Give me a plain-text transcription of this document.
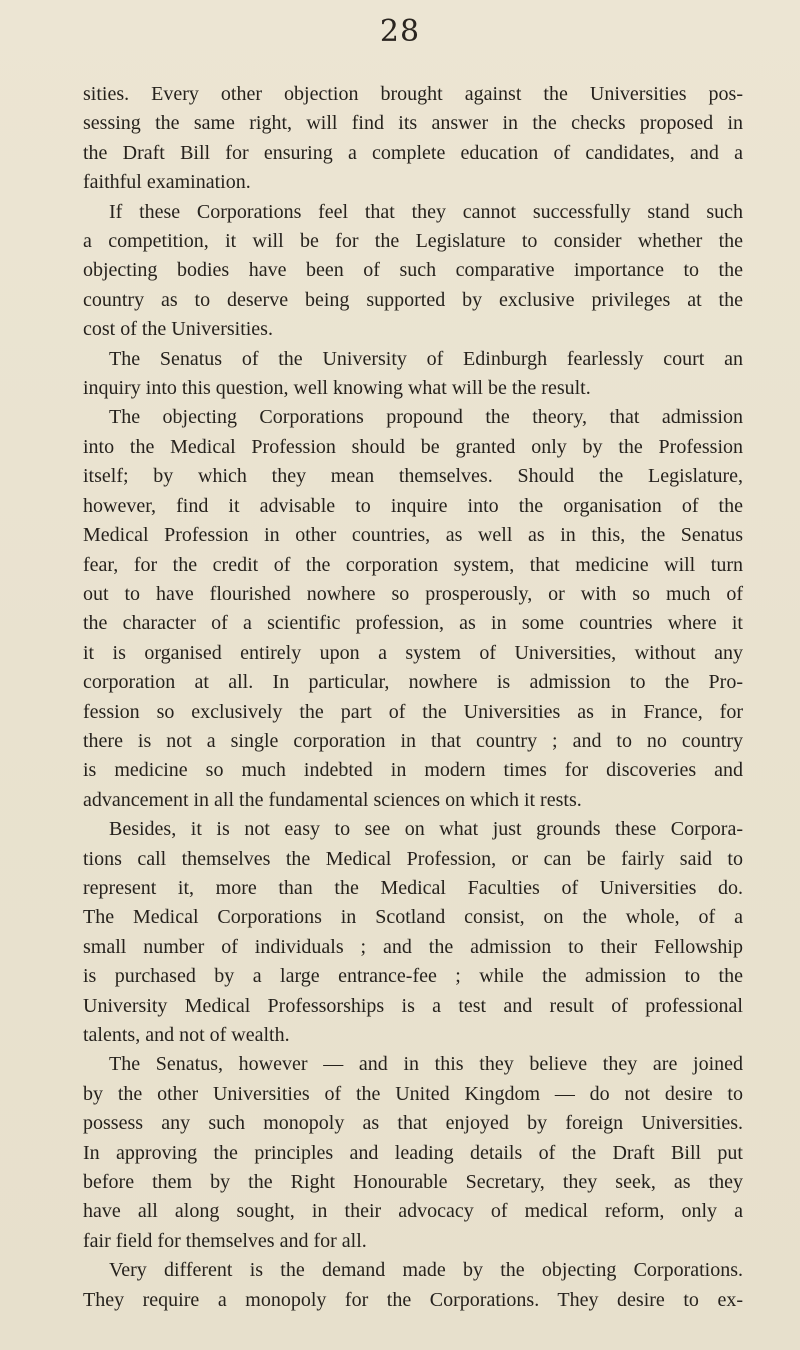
28
sities. Every other objection brought against the Universities pos-
sessing the same right, will find its answer in the checks proposed in
the Draft Bill for ensuring a complete education of candidates, and a
faithful examination.
If these Corporations feel that they cannot successfully stand such
a competition, it will be for the Legislature to consider whether the
objecting bodies have been of such comparative importance to the
country as to deserve being supported by exclusive privileges at the
cost of the Universities.
The Senatus of the University of Edinburgh fearlessly court an
inquiry into this question, well knowing what will be the result.
The objecting Corporations propound the theory, that admission
into the Medical Profession should be granted only by the Profession
itself; by which they mean themselves. Should the Legislature,
however, find it advisable to inquire into the organisation of the
Medical Profession in other countries, as well as in this, the Senatus
fear, for the credit of the corporation system, that medicine will turn
out to have flourished nowhere so prosperously, or with so much of
the character of a scientific profession, as in some countries where it
it is organised entirely upon a system of Universities, without any
corporation at all. In particular, nowhere is admission to the Pro-
fession so exclusively the part of the Universities as in France, for
there is not a single corporation in that country ; and to no country
is medicine so much indebted in modern times for discoveries and
advancement in all the fundamental sciences on which it rests.
Besides, it is not easy to see on what just grounds these Corpora-
tions call themselves the Medical Profession, or can be fairly said to
represent it, more than the Medical Faculties of Universities do.
The Medical Corporations in Scotland consist, on the whole, of a
small number of individuals ; and the admission to their Fellowship
is purchased by a large entrance-fee ; while the admission to the
University Medical Professorships is a test and result of professional
talents, and not of wealth.
The Senatus, however — and in this they believe they are joined
by the other Universities of the United Kingdom — do not desire to
possess any such monopoly as that enjoyed by foreign Universities.
In approving the principles and leading details of the Draft Bill put
before them by the Right Honourable Secretary, they seek, as they
have all along sought, in their advocacy of medical reform, only a
fair field for themselves and for all.
Very different is the demand made by the objecting Corporations.
They require a monopoly for the Corporations. They desire to ex-
